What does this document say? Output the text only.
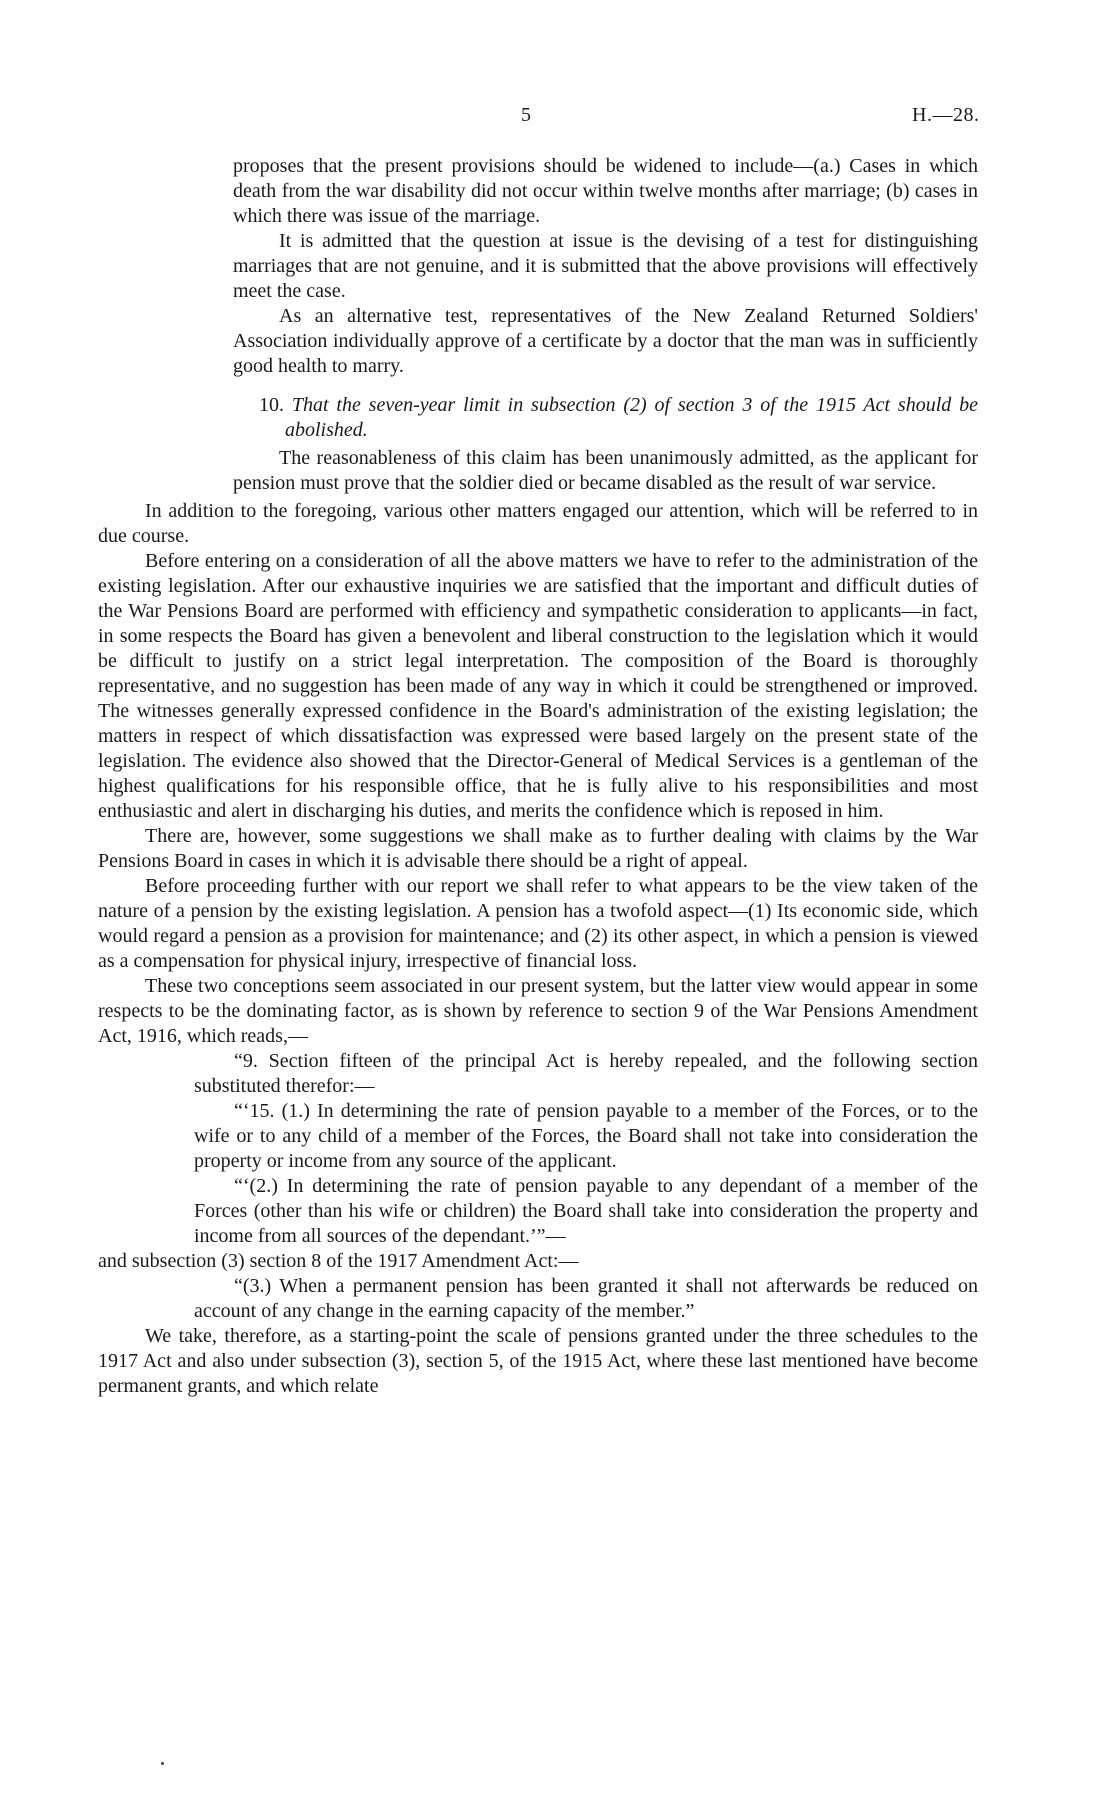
5	H.—28.

proposes that the present provisions should be widened to include—(a.) Cases in which death from the war disability did not occur within twelve months after marriage; (b) cases in which there was issue of the marriage.

It is admitted that the question at issue is the devising of a test for distinguishing marriages that are not genuine, and it is submitted that the above provisions will effectively meet the case.

As an alternative test, representatives of the New Zealand Returned Soldiers' Association individually approve of a certificate by a doctor that the man was in sufficiently good health to marry.

10. That the seven-year limit in subsection (2) of section 3 of the 1915 Act should be abolished.

The reasonableness of this claim has been unanimously admitted, as the applicant for pension must prove that the soldier died or became disabled as the result of war service.

In addition to the foregoing, various other matters engaged our attention, which will be referred to in due course.

Before entering on a consideration of all the above matters we have to refer to the administration of the existing legislation. After our exhaustive inquiries we are satisfied that the important and difficult duties of the War Pensions Board are performed with efficiency and sympathetic consideration to applicants—in fact, in some respects the Board has given a benevolent and liberal construction to the legislation which it would be difficult to justify on a strict legal interpretation. The composition of the Board is thoroughly representative, and no suggestion has been made of any way in which it could be strengthened or improved. The witnesses generally expressed confidence in the Board's administration of the existing legislation; the matters in respect of which dissatisfaction was expressed were based largely on the present state of the legislation. The evidence also showed that the Director-General of Medical Services is a gentleman of the highest qualifications for his responsible office, that he is fully alive to his responsibilities and most enthusiastic and alert in discharging his duties, and merits the confidence which is reposed in him.

There are, however, some suggestions we shall make as to further dealing with claims by the War Pensions Board in cases in which it is advisable there should be a right of appeal.

Before proceeding further with our report we shall refer to what appears to be the view taken of the nature of a pension by the existing legislation. A pension has a twofold aspect—(1) Its economic side, which would regard a pension as a provision for maintenance; and (2) its other aspect, in which a pension is viewed as a compensation for physical injury, irrespective of financial loss.

These two conceptions seem associated in our present system, but the latter view would appear in some respects to be the dominating factor, as is shown by reference to section 9 of the War Pensions Amendment Act, 1916, which reads,—

“9. Section fifteen of the principal Act is hereby repealed, and the following section substituted therefor:—

“‘15. (1.) In determining the rate of pension payable to a member of the Forces, or to the wife or to any child of a member of the Forces, the Board shall not take into consideration the property or income from any source of the applicant.

“‘(2.) In determining the rate of pension payable to any dependant of a member of the Forces (other than his wife or children) the Board shall take into consideration the property and income from all sources of the dependant.’”—

and subsection (3) section 8 of the 1917 Amendment Act:—

“(3.) When a permanent pension has been granted it shall not afterwards be reduced on account of any change in the earning capacity of the member.”

We take, therefore, as a starting-point the scale of pensions granted under the three schedules to the 1917 Act and also under subsection (3), section 5, of the 1915 Act, where these last mentioned have become permanent grants, and which relate
